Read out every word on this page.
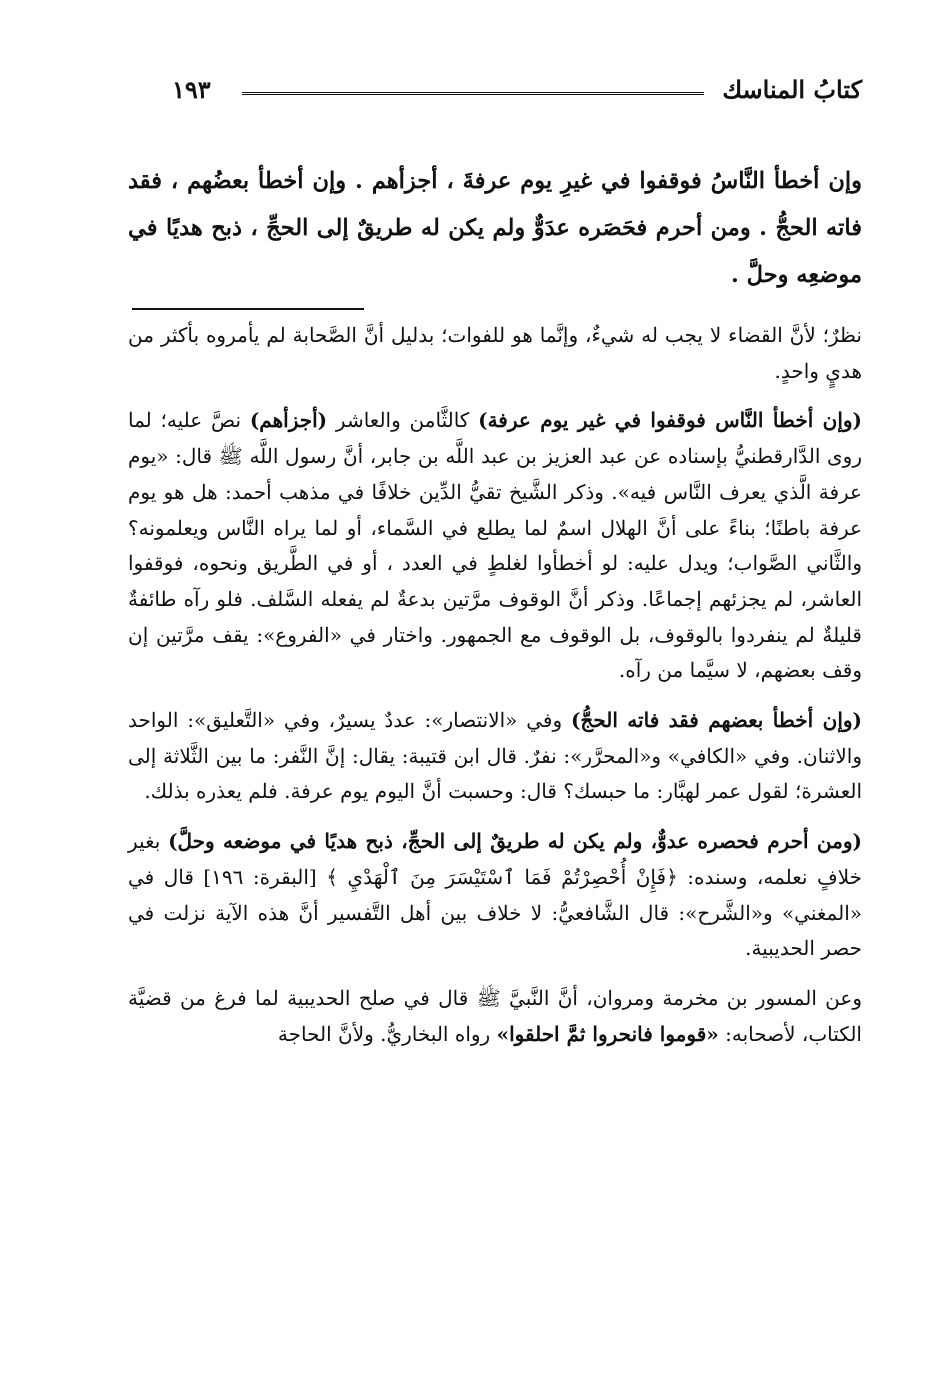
كتابُ المناسك
١٩٣
وإن أخطأ النَّاسُ فوقفوا في غيرِ يوم عرفةَ ، أجزأهم . وإن أخطأ بعضُهم ، فقد فاته الحجُّ . ومن أحرم فحَصَره عدَوٌّ ولم يكن له طريقٌ إلى الحجِّ ، ذبح هديًا في موضعِه وحلَّ .

نظرٌ؛ لأنَّ القضاء لا يجب له شيءٌ، وإنَّما هو للفوات؛ بدليل أنَّ الصَّحابة لم يأمروه بأكثر من هديٍ واحدٍ.

(وإن أخطأ النَّاس فوقفوا في غير يوم عرفة) كالثَّامن والعاشر (أجزأهم) نصَّ عليه؛ لما روى الدَّارقطنيُّ بإسناده عن عبد العزيز بن عبد اللَّه بن جابر، أنَّ رسول اللَّه ﷺ قال: «يوم عرفة الَّذي يعرف النَّاس فيه». وذكر الشَّيخ تقيُّ الدِّين خلافًا في مذهب أحمد: هل هو يوم عرفة باطنًا؛ بناءً على أنَّ الهلال اسمٌ لما يطلع في السَّماء، أو لما يراه النَّاس ويعلمونه؟ والثَّاني الصَّواب؛ ويدل عليه: لو أخطأوا لغلطٍ في العدد ، أو في الطَّريق ونحوه، فوقفوا العاشر، لم يجزئهم إجماعًا. وذكر أنَّ الوقوف مرَّتين بدعةٌ لم يفعله السَّلف. فلو رآه طائفةٌ قليلةٌ لم ينفردوا بالوقوف، بل الوقوف مع الجمهور. واختار في «الفروع»: يقف مرَّتين إن وقف بعضهم، لا سيَّما من رآه.

(وإن أخطأ بعضهم فقد فاته الحجُّ) وفي «الانتصار»: عددٌ يسيرٌ، وفي «التَّعليق»: الواحد والاثنان. وفي «الكافي» و«المحرَّر»: نفرٌ. قال ابن قتيبة: يقال: إنَّ النَّفر: ما بين الثَّلاثة إلى العشرة؛ لقول عمر لهبَّار: ما حبسك؟ قال: وحسبت أنَّ اليوم يوم عرفة. فلم يعذره بذلك.

(ومن أحرم فحصره عدوٌّ، ولم يكن له طريقٌ إلى الحجِّ، ذبح هديًا في موضعه وحلَّ) بغير خلافٍ نعلمه، وسنده: ﴿فَإِنْ أُحْصِرْتُمْ فَمَا ٱسْتَيْسَرَ مِنَ ٱلْهَدْيِ ﴾ [البقرة: ١٩٦] قال في «المغني» و«الشَّرح»: قال الشَّافعيُّ: لا خلاف بين أهل التَّفسير أنَّ هذه الآية نزلت في حصر الحديبية.

وعن المسور بن مخرمة ومروان، أنَّ النَّبيَّ ﷺ قال في صلح الحديبية لما فرغ من قضيَّة الكتاب، لأصحابه: «قوموا فانحروا ثمَّ احلقوا» رواه البخاريُّ. ولأنَّ الحاجة
